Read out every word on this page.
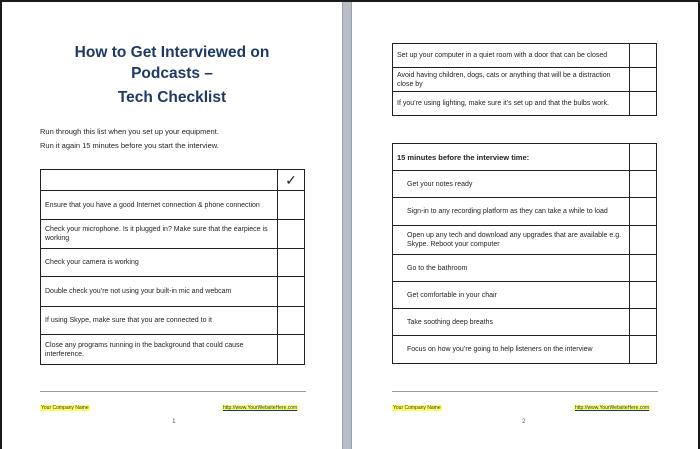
How to Get Interviewed on
Podcasts –
Tech Checklist
Run through this list when you set up your equipment.
Run it again 15 minutes before you start the interview.
	✓
Ensure that you have a good Internet connection & phone connection	
Check your microphone. Is it plugged in? Make sure that the earpiece is working	
Check your camera is working	
Double check you’re not using your built-in mic and webcam	
If using Skype, make sure that you are connected to it	
Close any programs running in the background that could cause interference.	
Your Company Name	http://www.YourWebsiteHere.com
1
Set up your computer in a quiet room with a door that can be closed	
Avoid having children, dogs, cats or anything that will be a distraction close by	
If you’re using lighting, make sure it’s set up and that the bulbs work.	
15 minutes before the interview time:	
Get your notes ready	
Sign-in to any recording platform as they can take a while to load	
Open up any tech and download any upgrades that are available e.g. Skype. Reboot your computer	
Go to the bathroom	
Get comfortable in your chair	
Take soothing deep breaths	
Focus on how you’re going to help listeners on the interview	
Your Company Name	http://www.YourWebsiteHere.com
2
